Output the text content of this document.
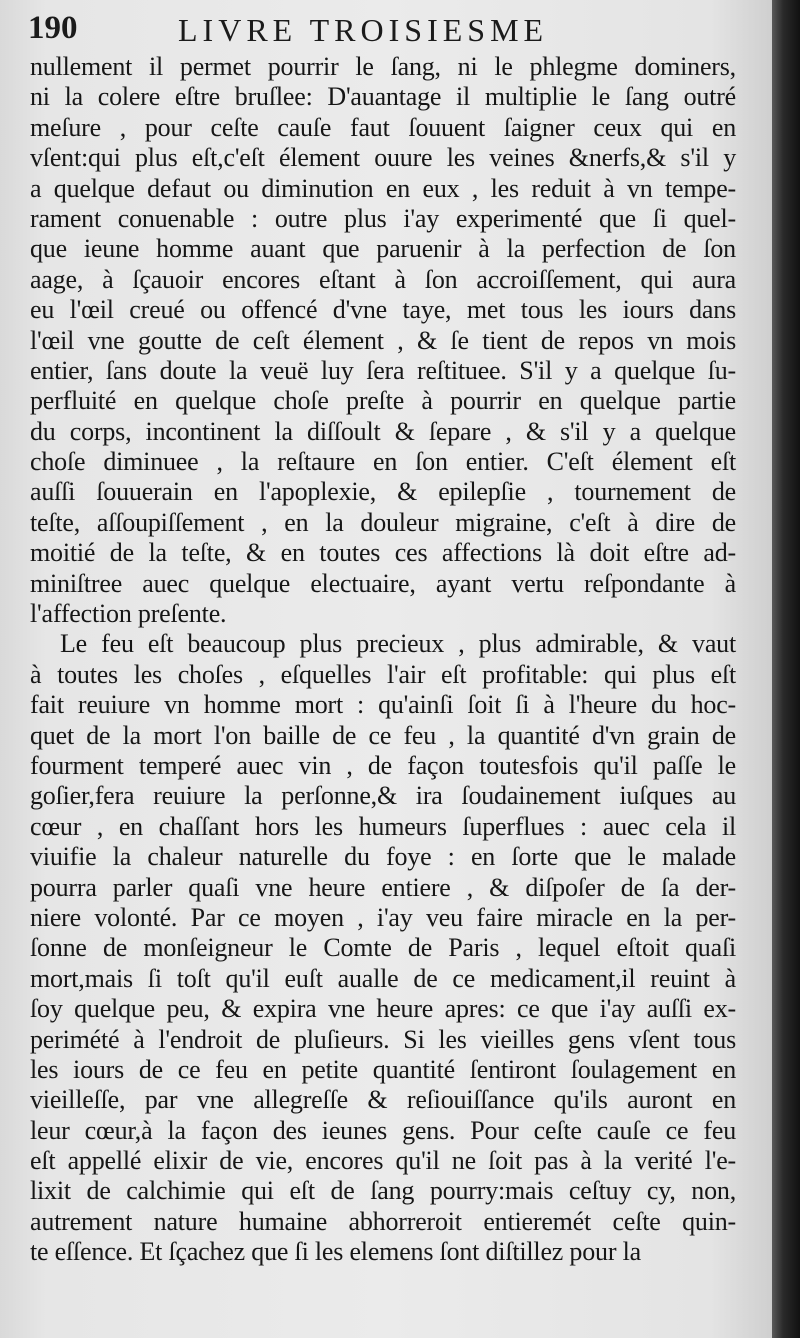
190	LIVRE TROISIESME
nullement il permet pourrir le ſang, ni le phlegme dominers,
ni la colere eſtre bruſlee: D'auantage il multiplie le ſang outré
meſure , pour ceſte cauſe faut ſouuent ſaigner ceux qui en
vſent:qui plus eſt,c'eſt élement ouure les veines &nerfs,& s'il y
a quelque defaut ou diminution en eux , les reduit à vn tempe-
rament conuenable : outre plus i'ay experimenté que ſi quel-
que ieune homme auant que paruenir à la perfection de ſon
aage, à ſçauoir encores eſtant à ſon accroiſſement, qui aura
eu l'œil creué ou offencé d'vne taye, met tous les iours dans
l'œil vne goutte de ceſt élement , & ſe tient de repos vn mois
entier, ſans doute la veuë luy ſera reſtituee. S'il y a quelque ſu-
perfluité en quelque choſe preſte à pourrir en quelque partie
du corps, incontinent la diſſoult & ſepare , & s'il y a quelque
choſe diminuee , la reſtaure en ſon entier. C'eſt élement eſt
auſſi ſouuerain en l'apoplexie, & epilepſie , tournement de
teſte, aſſoupiſſement , en la douleur migraine, c'eſt à dire de
moitié de la teſte, & en toutes ces affections là doit eſtre ad-
miniſtree auec quelque electuaire, ayant vertu reſpondante à
l'affection preſente.
Le feu eſt beaucoup plus precieux , plus admirable, & vaut
à toutes les choſes , eſquelles l'air eſt profitable: qui plus eſt
fait reuiure vn homme mort : qu'ainſi ſoit ſi à l'heure du hoc-
quet de la mort l'on baille de ce feu , la quantité d'vn grain de
fourment temperé auec vin , de façon toutesfois qu'il paſſe le
goſier,fera reuiure la perſonne,& ira ſoudainement iuſques au
cœur , en chaſſant hors les humeurs ſuperflues : auec cela il
viuifie la chaleur naturelle du foye : en ſorte que le malade
pourra parler quaſi vne heure entiere , & diſpoſer de ſa der-
niere volonté. Par ce moyen , i'ay veu faire miracle en la per-
ſonne de monſeigneur le Comte de Paris , lequel eſtoit quaſi
mort,mais ſi toſt qu'il euſt aualle de ce medicament,il reuint à
ſoy quelque peu, & expira vne heure apres: ce que i'ay auſſi ex-
perimété à l'endroit de pluſieurs. Si les vieilles gens vſent tous
les iours de ce feu en petite quantité ſentiront ſoulagement en
vieilleſſe, par vne allegreſſe & reſiouiſſance qu'ils auront en
leur cœur,à la façon des ieunes gens. Pour ceſte cauſe ce feu
eſt appellé elixir de vie, encores qu'il ne ſoit pas à la verité l'e-
lixit de calchimie qui eſt de ſang pourry:mais ceſtuy cy, non,
autrement nature humaine abhorreroit entieremét ceſte quin-
te eſſence. Et ſçachez que ſi les elemens ſont diſtillez pour la
